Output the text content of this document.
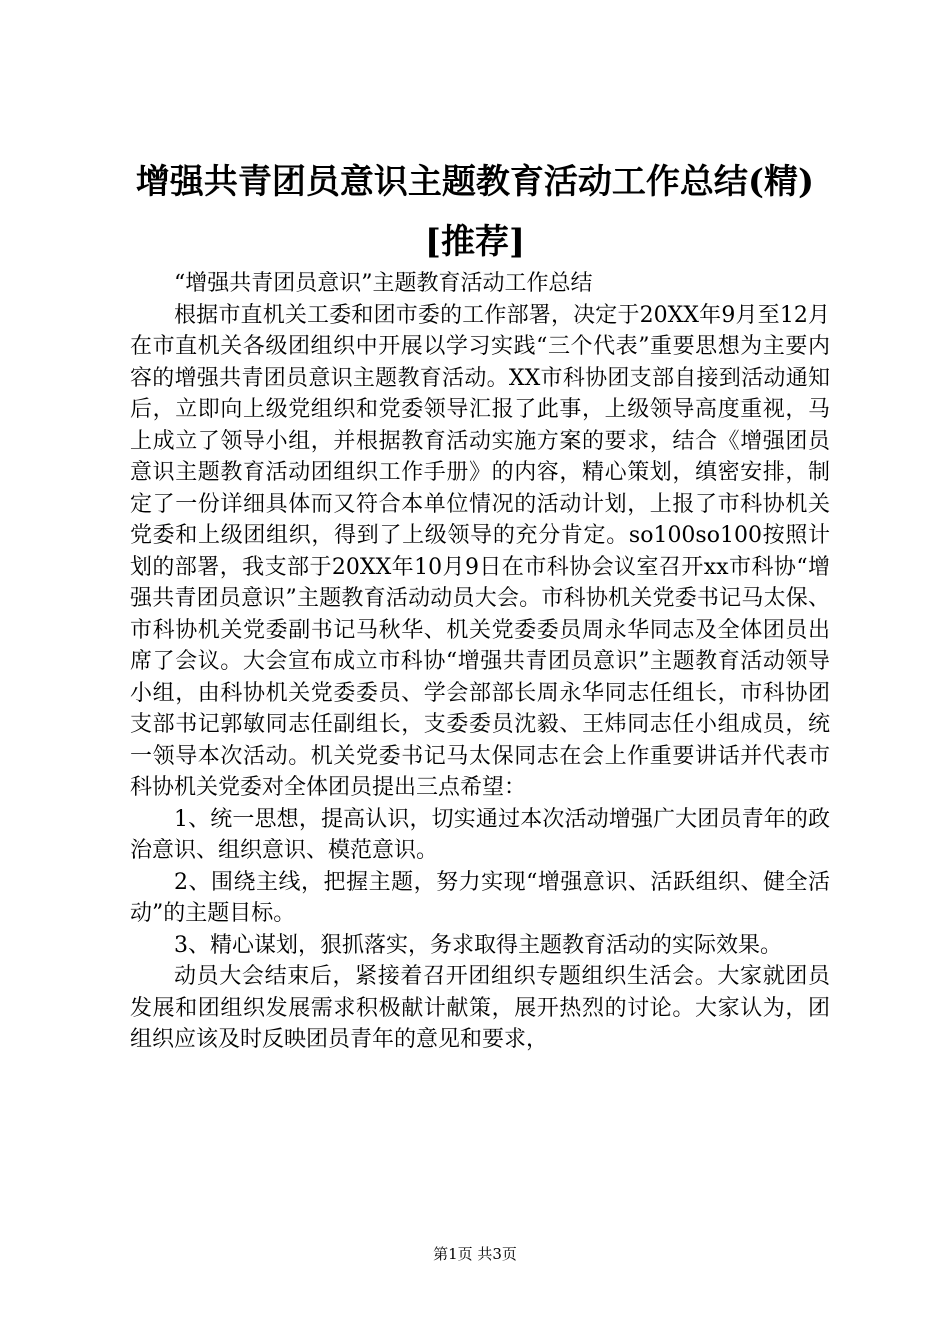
增强共青团员意识主题教育活动工作总结(精)
[推荐]

“增强共青团员意识”主题教育活动工作总结

根据市直机关工委和团市委的工作部署，决定于20XX年9月至12月在市直机关各级团组织中开展以学习实践“三个代表”重要思想为主要内容的增强共青团员意识主题教育活动。XX市科协团支部自接到活动通知后，立即向上级党组织和党委领导汇报了此事，上级领导高度重视，马上成立了领导小组，并根据教育活动实施方案的要求，结合《增强团员意识主题教育活动团组织工作手册》的内容，精心策划，缜密安排，制定了一份详细具体而又符合本单位情况的活动计划，上报了市科协机关党委和上级团组织，得到了上级领导的充分肯定。so100so100按照计划的部署，我支部于20XX年10月9日在市科协会议室召开xx市科协“增强共青团员意识”主题教育活动动员大会。市科协机关党委书记马太保、市科协机关党委副书记马秋华、机关党委委员周永华同志及全体团员出席了会议。大会宣布成立市科协“增强共青团员意识”主题教育活动领导小组，由科协机关党委委员、学会部部长周永华同志任组长，市科协团支部书记郭敏同志任副组长，支委委员沈毅、王炜同志任小组成员，统一领导本次活动。机关党委书记马太保同志在会上作重要讲话并代表市科协机关党委对全体团员提出三点希望：

1、统一思想，提高认识，切实通过本次活动增强广大团员青年的政治意识、组织意识、模范意识。

2、围绕主线，把握主题，努力实现“增强意识、活跃组织、健全活动”的主题目标。

3、精心谋划，狠抓落实，务求取得主题教育活动的实际效果。

动员大会结束后，紧接着召开团组织专题组织生活会。大家就团员发展和团组织发展需求积极献计献策，展开热烈的讨论。大家认为，团组织应该及时反映团员青年的意见和要求，

第1页 共3页
